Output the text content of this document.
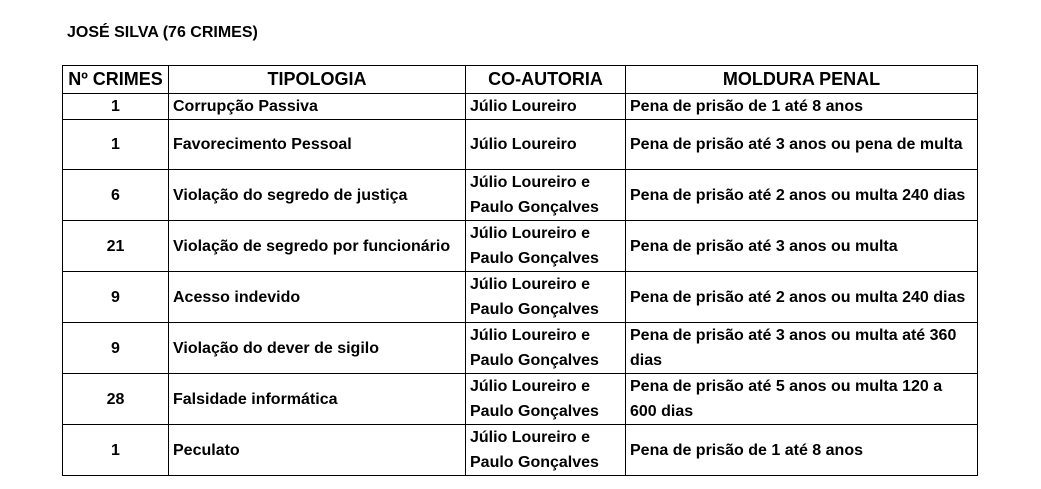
JOSÉ SILVA (76 CRIMES)
Nº CRIMES	TIPOLOGIA	CO-AUTORIA	MOLDURA PENAL
1	Corrupção Passiva	Júlio Loureiro	Pena de prisão de 1 até 8 anos
1	Favorecimento Pessoal	Júlio Loureiro	Pena de prisão até 3 anos ou pena de multa
6	Violação do segredo de justiça	Júlio Loureiro e Paulo Gonçalves	Pena de prisão até 2 anos ou multa 240 dias
21	Violação de segredo por funcionário	Júlio Loureiro e Paulo Gonçalves	Pena de prisão até 3 anos ou multa
9	Acesso indevido	Júlio Loureiro e Paulo Gonçalves	Pena de prisão até 2 anos ou multa 240 dias
9	Violação do dever de sigilo	Júlio Loureiro e Paulo Gonçalves	Pena de prisão até 3 anos ou multa até 360 dias
28	Falsidade informática	Júlio Loureiro e Paulo Gonçalves	Pena de prisão até 5 anos ou multa 120 a 600 dias
1	Peculato	Júlio Loureiro e Paulo Gonçalves	Pena de prisão de 1 até 8 anos
